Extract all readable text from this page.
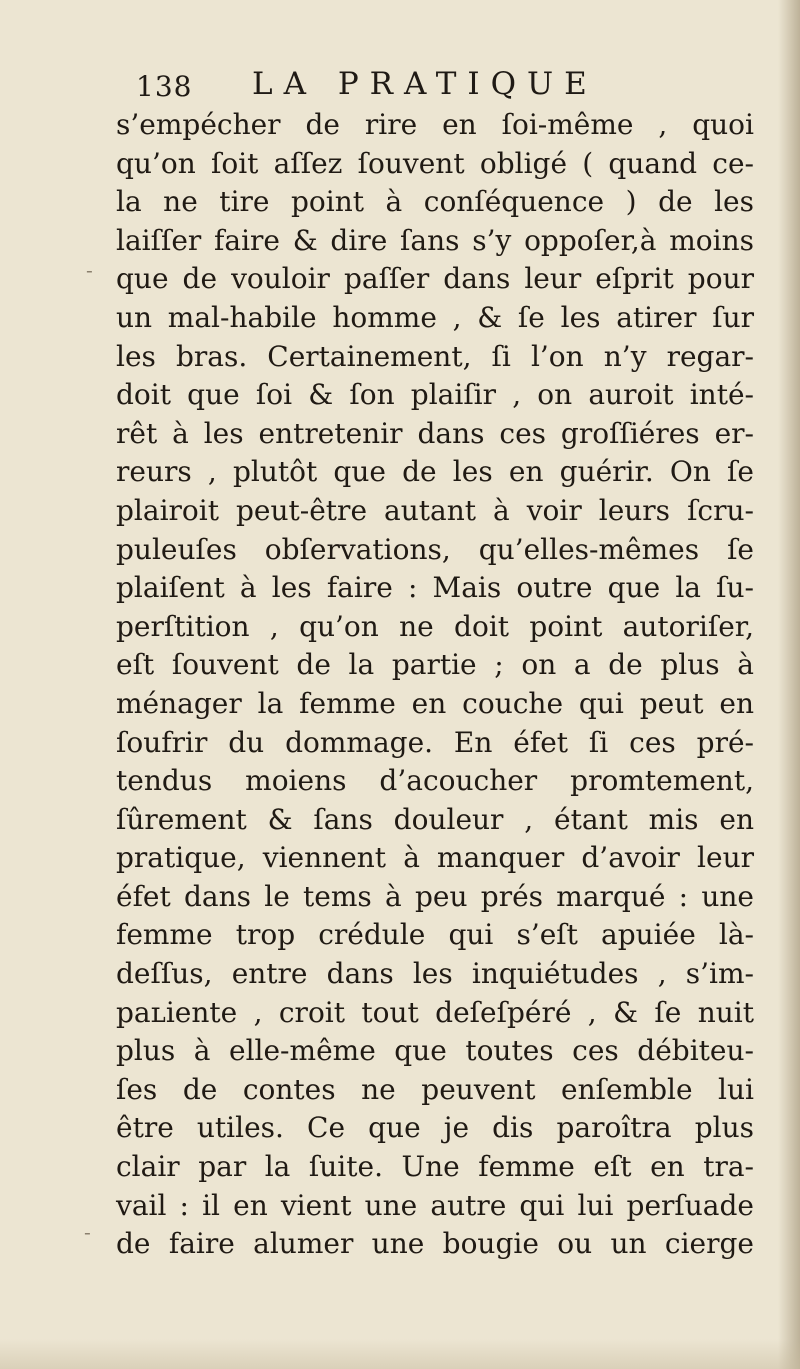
138 LA PRATIQUE
-
-
s’empécher de rire en ſoi-même , quoi
qu’on ſoit aſſez ſouvent obligé ( quand ce-
la ne tire point à conſéquence ) de les
laiſſer faire & dire ſans s’y oppoſer,à moins
que de vouloir paſſer dans leur eſprit pour
un mal-habile homme , & ſe les atirer ſur
les bras. Certainement, ſi l’on n’y regar-
doit que ſoi & ſon plaiſir , on auroit inté-
rêt à les entretenir dans ces groſſiéres er-
reurs , plutôt que de les en guérir. On ſe
plairoit peut-être autant à voir leurs ſcru-
puleuſes obſervations, qu’elles-mêmes ſe
plaiſent à les faire : Mais outre que la ſu-
perſtition , qu’on ne doit point autoriſer,
eſt ſouvent de la partie ; on a de plus à
ménager la femme en couche qui peut en
ſoufrir du dommage. En éfet ſi ces pré-
tendus moiens d’acoucher promtement,
ſûrement & ſans douleur , étant mis en
pratique, viennent à manquer d’avoir leur
éfet dans le tems à peu prés marqué : une
femme trop crédule qui s’eſt apuiée là-
deſſus, entre dans les inquiétudes , s’im-
paʟiente , croit tout deſeſpéré , & ſe nuit
plus à elle-même que toutes ces débiteu-
ſes de contes ne peuvent enſemble lui
être utiles. Ce que je dis paroîtra plus
clair par la ſuite. Une femme eſt en tra-
vail : il en vient une autre qui lui perſuade
de faire alumer une bougie ou un cierge
